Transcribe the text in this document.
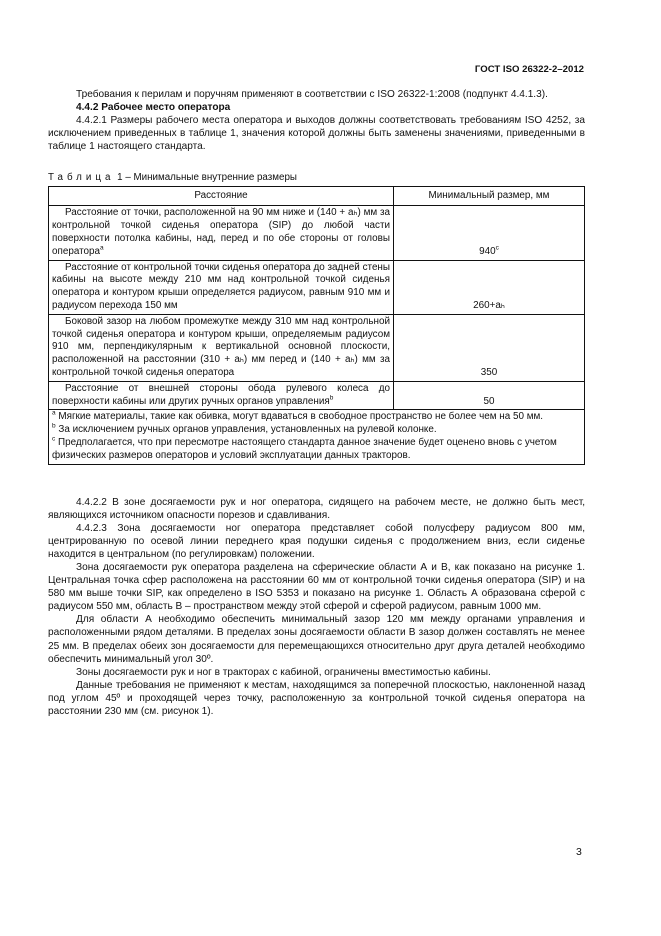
ГОСТ ISO 26322-2–2012

Требования к перилам и поручням применяют в соответствии с ISO 26322-1:2008 (подпункт 4.4.1.3).

4.4.2 Рабочее место оператора

4.4.2.1 Размеры рабочего места оператора и выходов должны соответствовать требованиям ISO 4252, за исключением приведенных в таблице 1, значения которой должны быть заменены значениями, приведенными в таблице 1 настоящего стандарта.

Таблица 1 – Минимальные внутренние размеры
Расстояние	Минимальный размер, мм
Расстояние от точки, расположенной на 90 мм ниже и (140 + aₕ) мм за контрольной точкой сиденья оператора (SIP) до любой части поверхности потолка кабины, над, перед и по обе стороны от головы оператора$^a$	940$^c$
Расстояние от контрольной точки сиденья оператора до задней стены кабины на высоте между 210 мм над контрольной точкой сиденья оператора и контуром крыши определяется радиусом, равным 910 мм и радиусом перехода 150 мм	260+aₕ
Боковой зазор на любом промежутке между 310 мм над контрольной точкой сиденья оператора и контуром крыши, определяемым радиусом 910 мм, перпендикулярным к вертикальной основной плоскости, расположенной на расстоянии (310 + aₕ) мм перед и (140 + aₕ) мм за контрольной точкой сиденья оператора	350
Расстояние от внешней стороны обода рулевого колеса до поверхности кабины или других ручных органов управления$^b$	50

$^a$ Мягкие материалы, такие как обивка, могут вдаваться в свободное пространство не более чем на 50 мм.
$^b$ За исключением ручных органов управления, установленных на рулевой колонке.
$^c$ Предполагается, что при пересмотре настоящего стандарта данное значение будет оценено вновь с учетом физических размеров операторов и условий эксплуатации данных тракторов.	

4.4.2.2 В зоне досягаемости рук и ног оператора, сидящего на рабочем месте, не должно быть мест, являющихся источником опасности порезов и сдавливания.

4.4.2.3 Зона досягаемости ног оператора представляет собой полусферу радиусом 800 мм, центрированную по осевой линии переднего края подушки сиденья с продолжением вниз, если сиденье находится в центральном (по регулировкам) положении.

Зона досягаемости рук оператора разделена на сферические области А и В, как показано на рисунке 1. Центральная точка сфер расположена на расстоянии 60 мм от контрольной точки сиденья оператора (SIP) и на 580 мм выше точки SIP, как определено в ISO 5353 и показано на рисунке 1. Область А образована сферой с радиусом 550 мм, область В – пространством между этой сферой и сферой радиусом, равным 1000 мм.

Для области А необходимо обеспечить минимальный зазор 120 мм между органами управления и расположенными рядом деталями. В пределах зоны досягаемости области В зазор должен составлять не менее 25 мм. В пределах обеих зон досягаемости для перемещающихся относительно друг друга деталей необходимо обеспечить минимальный угол 30º.

Зоны досягаемости рук и ног в тракторах с кабиной, ограничены вместимостью кабины.

Данные требования не применяют к местам, находящимся за поперечной плоскостью, наклоненной назад под углом 45º и проходящей через точку, расположенную за контрольной точкой сиденья оператора на расстоянии 230 мм (см. рисунок 1).

3
